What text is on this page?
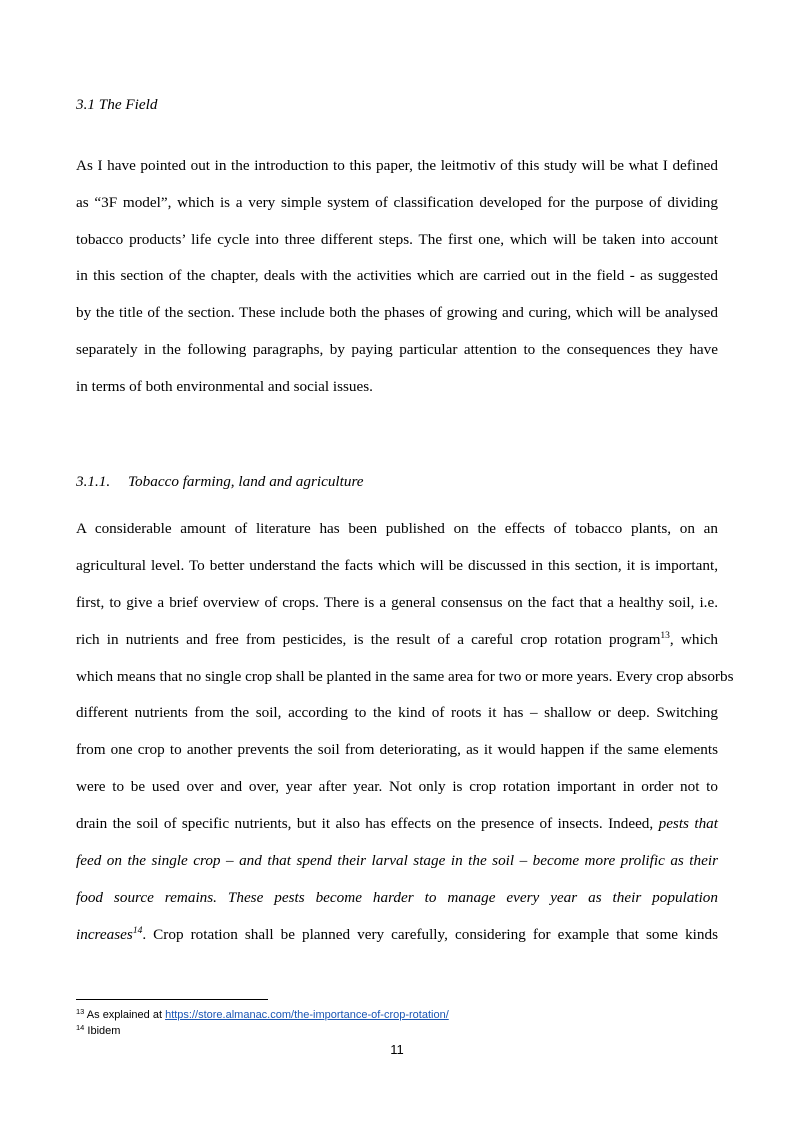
3.1 The Field
As I have pointed out in the introduction to this paper, the leitmotiv of this study will be what I defined
as “3F model”, which is a very simple system of classification developed for the purpose of dividing
tobacco products’ life cycle into three different steps. The first one, which will be taken into account
in this section of the chapter, deals with the activities which are carried out in the field - as suggested
by the title of the section. These include both the phases of growing and curing, which will be analysed
separately in the following paragraphs, by paying particular attention to the consequences they have
in terms of both environmental and social issues.
3.1.1. Tobacco farming, land and agriculture
A considerable amount of literature has been published on the effects of tobacco plants, on an
agricultural level. To better understand the facts which will be discussed in this section, it is important,
first, to give a brief overview of crops. There is a general consensus on the fact that a healthy soil, i.e.
rich in nutrients and free from pesticides, is the result of a careful crop rotation program$^{13}$, which
which means that no single crop shall be planted in the same area for two or more years. Every crop absorbs
different nutrients from the soil, according to the kind of roots it has – shallow or deep. Switching
from one crop to another prevents the soil from deteriorating, as it would happen if the same elements
were to be used over and over, year after year. Not only is crop rotation important in order not to
drain the soil of specific nutrients, but it also has effects on the presence of insects. Indeed, pests that
feed on the single crop – and that spend their larval stage in the soil – become more prolific as their
food source remains. These pests become harder to manage every year as their population
increases$^{14}$. Crop rotation shall be planned very carefully, considering for example that some kinds
$^{13}$ As explained at https://store.almanac.com/the-importance-of-crop-rotation/
$^{14}$ Ibidem
11
